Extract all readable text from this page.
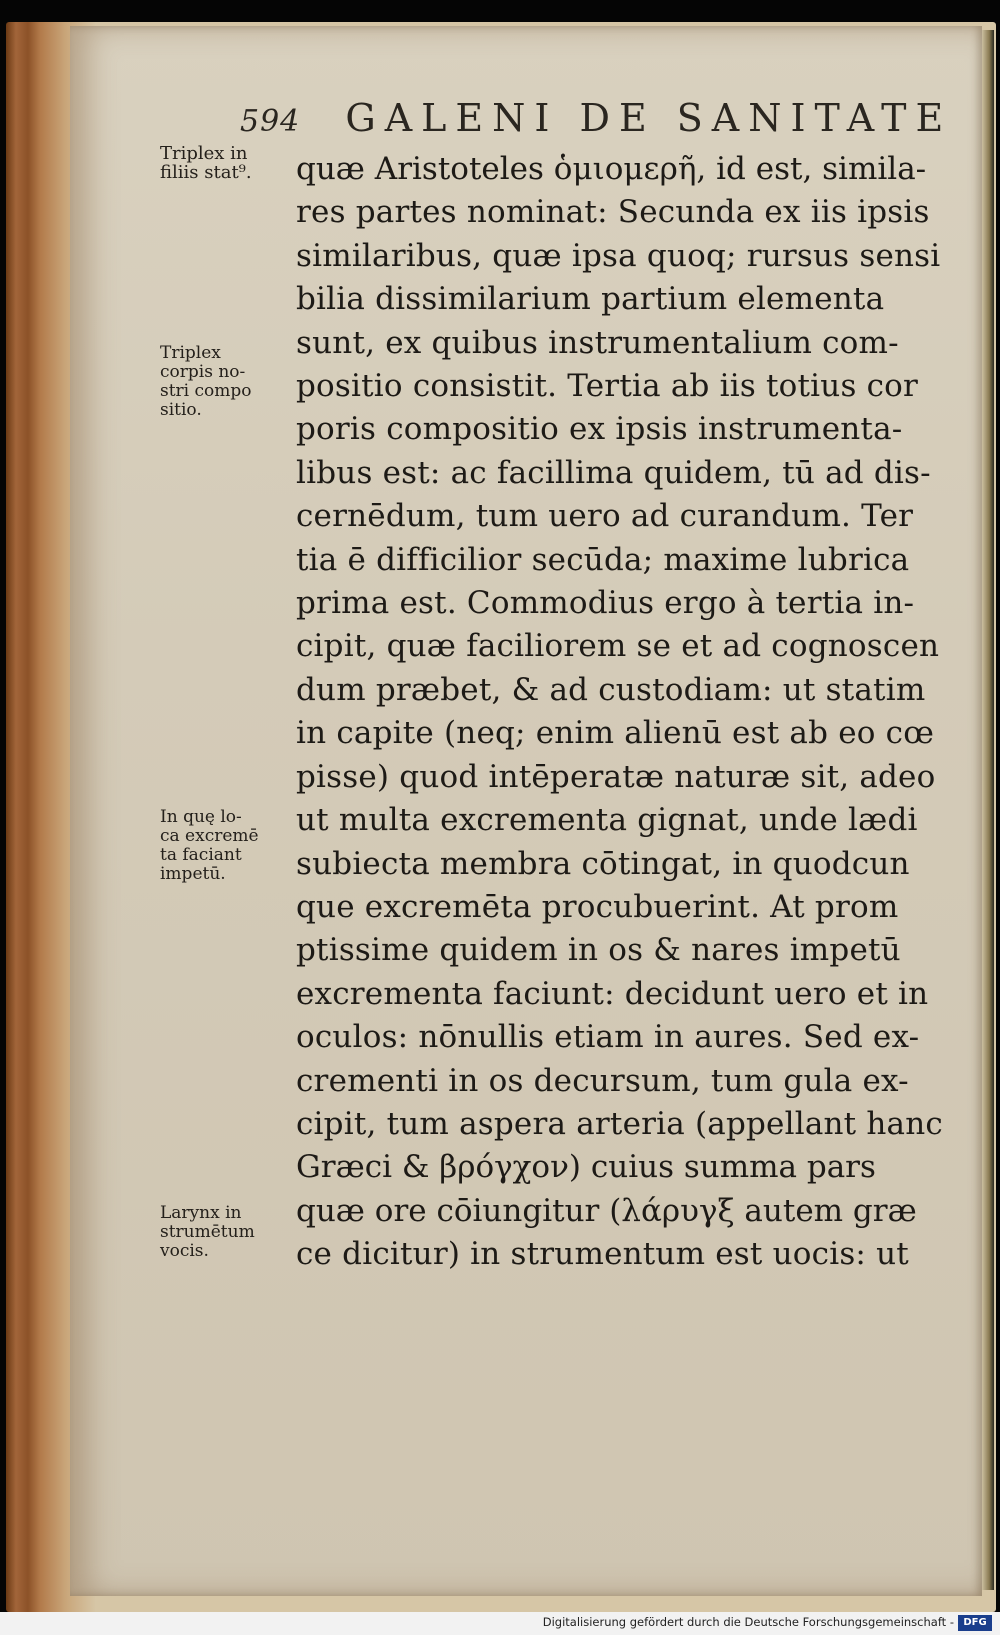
594 GALENI DE SANITATE
Triplex in
filiis stat⁹.
Triplex
corpis no-
stri compo
sitio.
In quę lo-
ca excremē
ta faciant
impetū.
Larynx in
strumētum
vocis.
quæ Aristoteles ὁμιομερῆ, id est, simila-
res partes nominat: Secunda ex iis ipsis
similaribus, quæ ipsa quoq; rursus sensi
bilia dissimilarium partium elementa
sunt, ex quibus instrumentalium com-
positio consistit. Tertia ab iis totius cor
poris compositio ex ipsis instrumenta-
libus est: ac facillima quidem, tū ad dis-
cernēdum, tum uero ad curandum. Ter
tia ē difficilior secūda; maxime lubrica
prima est. Commodius ergo à tertia in-
cipit, quæ faciliorem se et ad cognoscen
dum præbet, & ad custodiam: ut statim
in capite (neq; enim alienū est ab eo cœ
pisse) quod intēperatæ naturæ sit, adeo
ut multa excrementa gignat, unde lædi
subiecta membra cōtingat, in quodcun
que excremēta procubuerint. At prom
ptissime quidem in os & nares impetū
excrementa faciunt: decidunt uero et in
oculos: nōnullis etiam in aures. Sed ex-
crementi in os decursum, tum gula ex-
cipit, tum aspera arteria (appellant hanc
Græci & βρόγχον) cuius summa pars
quæ ore cōiungitur (λάρυγξ autem græ
ce dicitur) in strumentum est uocis: ut
Digitalisierung gefördert durch die Deutsche Forschungsgemeinschaft - DFG
